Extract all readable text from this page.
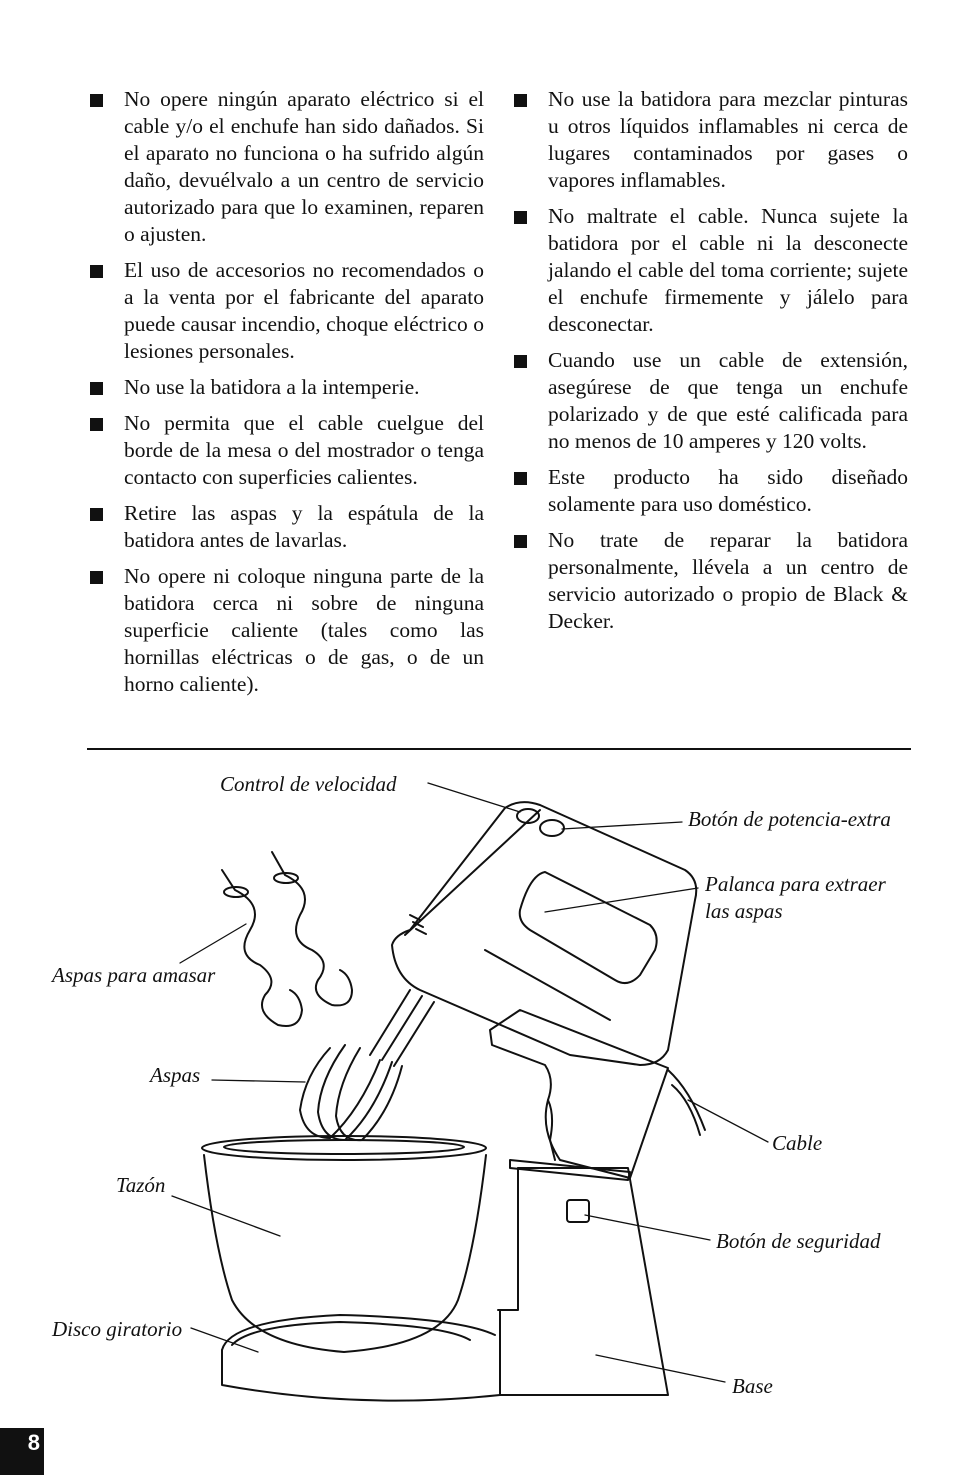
No opere ningún aparato eléctrico si el cable y/o el enchufe han sido dañados. Si el aparato no funciona o ha sufrido algún daño, devuélvalo a un centro de servicio autorizado para que lo examinen, reparen o ajusten.
El uso de accesorios no recomendados o a la venta por el fabricante del aparato puede causar incendio, choque eléctrico o lesiones personales.
No use la batidora a la intemperie.
No permita que el cable cuelgue del borde de la mesa o del mostrador o tenga contacto con superficies calientes.
Retire las aspas y la espátula de la batidora antes de lavarlas.
No opere ni coloque ninguna parte de la batidora cerca ni sobre de ninguna superficie caliente (tales como las hornillas eléctricas o de gas, o de un horno caliente).
No use la batidora para mezclar pinturas u otros líquidos inflamables ni cerca de lugares contaminados por gases o vapores inflamables.
No maltrate el cable. Nunca sujete la batidora por el cable ni la desconecte jalando el cable del toma corriente; sujete el enchufe firmemente y jálelo para desconectar.
Cuando use un cable de extensión, asegúrese de que tenga un enchufe polarizado y de que esté calificada para no menos de 10 amperes y 120 volts.
Este producto ha sido diseñado solamente para uso doméstico.
No trate de reparar la batidora personalmente, llévela a un centro de servicio autorizado o propio de Black & Decker.
Control de velocidad
Botón de potencia-extra
Palanca para extraer
las aspas
Aspas para amasar
Aspas
Tazón
Cable
Botón de seguridad
Disco giratorio
Base
8
